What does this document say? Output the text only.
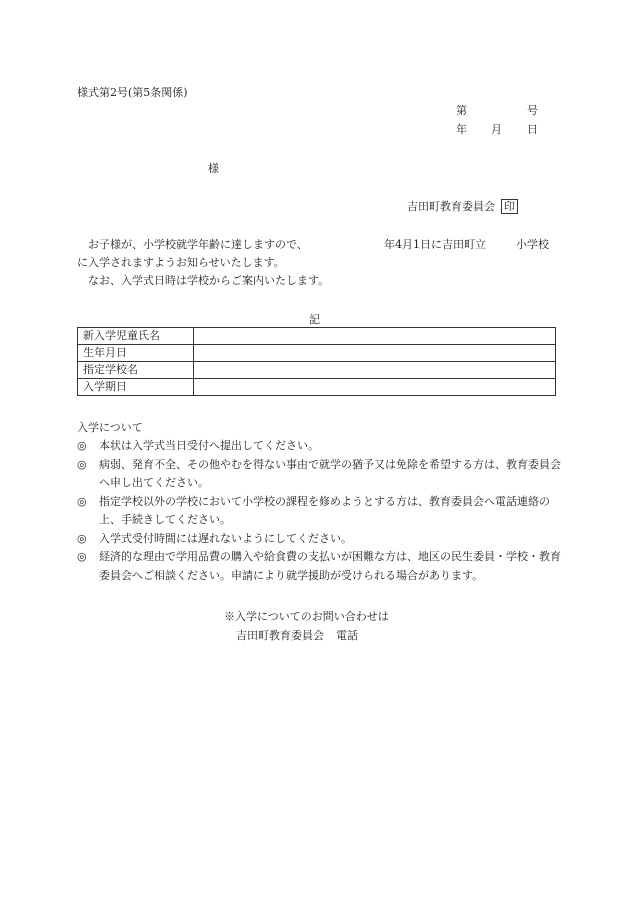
様式第2号(第5条関係)
第	号
年 月 日
様
吉田町教育委員会 印
お子様が、小学校就学年齢に達しますので、	年4月1日に吉田町立	小学校
に入学されますようお知らせいたします。
なお、入学式日時は学校からご案内いたします。
記
新入学児童氏名	
生年月日	
指定学校名	
入学期日	
入学について
◎	本状は入学式当日受付へ提出してください。
◎	病弱、発育不全、その他やむを得ない事由で就学の猶予又は免除を希望する方は、教育委員会へ申し出てください。
◎	指定学校以外の学校において小学校の課程を修めようとする方は、教育委員会へ電話連絡の上、手続きしてください。
◎	入学式受付時間には遅れないようにしてください。
◎	経済的な理由で学用品費の購入や給食費の支払いが困難な方は、地区の民生委員・学校・教育委員会へご相談ください。申請により就学援助が受けられる場合があります。
※入学についてのお問い合わせは
吉田町教育委員会 電話
